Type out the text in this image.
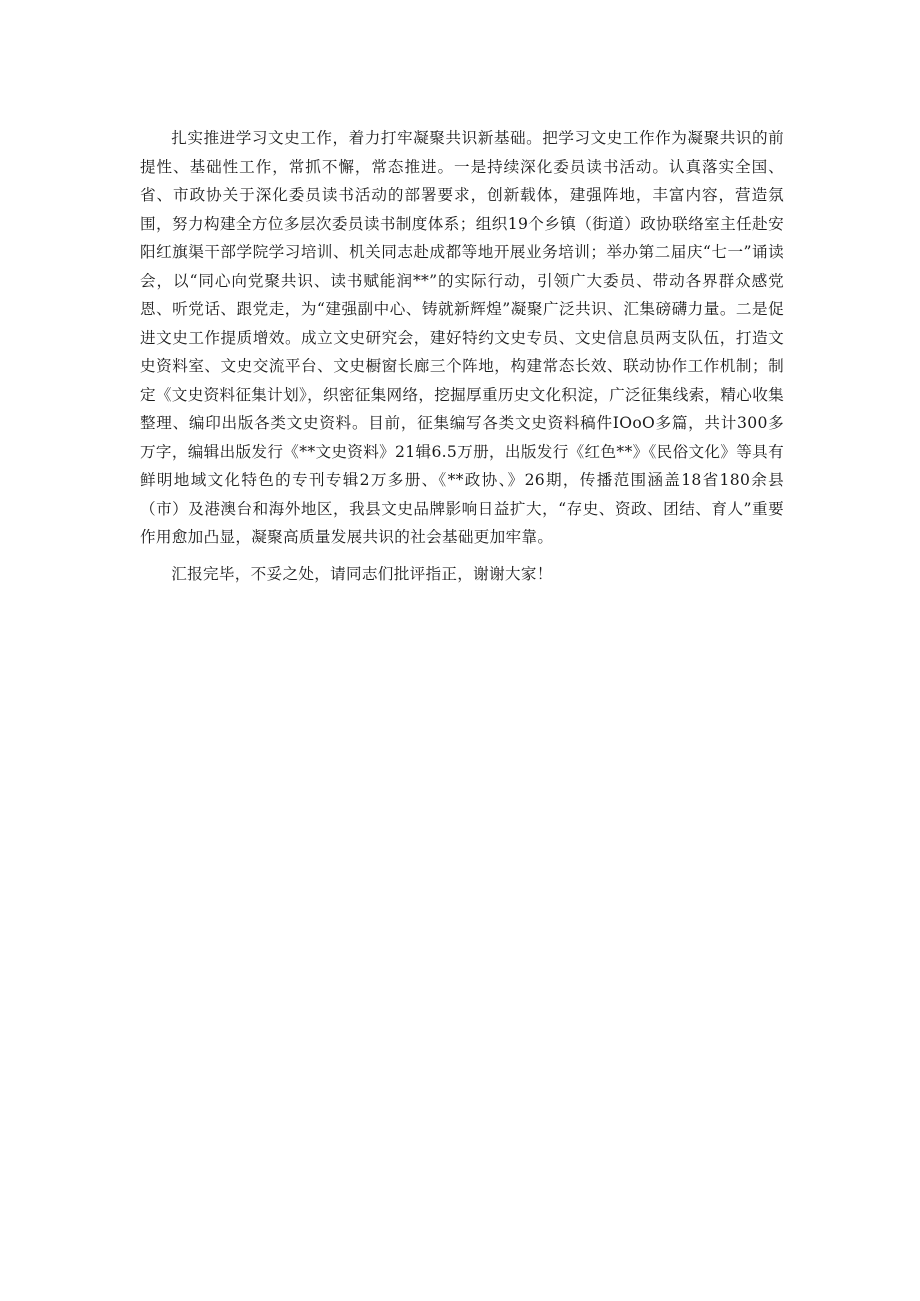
扎实推进学习文史工作，着力打牢凝聚共识新基础。把学习文史工作作为凝聚共识的前提性、基础性工作，常抓不懈，常态推进。一是持续深化委员读书活动。认真落实全国、省、市政协关于深化委员读书活动的部署要求，创新载体，建强阵地，丰富内容，营造氛围，努力构建全方位多层次委员读书制度体系；组织19个乡镇（街道）政协联络室主任赴安阳红旗渠干部学院学习培训、机关同志赴成都等地开展业务培训；举办第二届庆“七一”诵读会，以“同心向党聚共识、读书赋能润**”的实际行动，引领广大委员、带动各界群众感党恩、听党话、跟党走，为“建强副中心、铸就新辉煌”凝聚广泛共识、汇集磅礴力量。二是促进文史工作提质增效。成立文史研究会，建好特约文史专员、文史信息员两支队伍，打造文史资料室、文史交流平台、文史橱窗长廊三个阵地，构建常态长效、联动协作工作机制；制定《文史资料征集计划》，织密征集网络，挖掘厚重历史文化积淀，广泛征集线索，精心收集整理、编印出版各类文史资料。目前，征集编写各类文史资料稿件IOoO多篇，共计300多万字，编辑出版发行《**文史资料》21辑6.5万册，出版发行《红色**》《民俗文化》等具有鲜明地域文化特色的专刊专辑2万多册、《**政协、》26期，传播范围涵盖18省180余县（市）及港澳台和海外地区，我县文史品牌影响日益扩大，“存史、资政、团结、育人”重要作用愈加凸显，凝聚高质量发展共识的社会基础更加牢靠。

汇报完毕，不妥之处，请同志们批评指正，谢谢大家！
